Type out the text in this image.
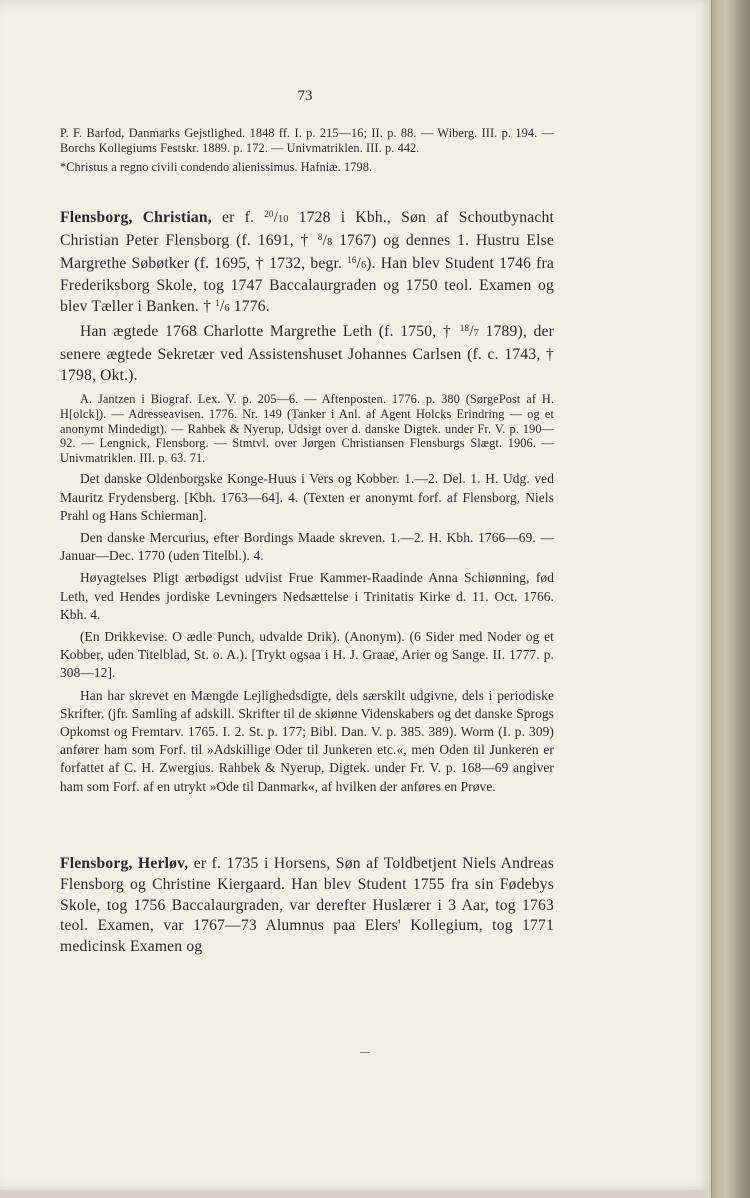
73

P. F. Barfod, Danmarks Gejstlighed. 1848 ff. I. p. 215—16; II. p. 88. — Wiberg. III. p. 194. — Borchs Kollegiums Festskr. 1889. p. 172. — Univmatriklen. III. p. 442.

*Christus a regno civili condendo alienissimus. Hafniæ. 1798.

Flensborg, Christian, er f. $^{20}$/10 1728 i Kbh., Søn af Schoutbynacht Christian Peter Flensborg (f. 1691, † $^8$/8 1767) og dennes 1. Hustru Else Margrethe Søbøtker (f. 1695, † 1732, begr. $^{16}$/6). Han blev Student 1746 fra Frederiksborg Skole, tog 1747 Baccalaurgraden og 1750 teol. Examen og blev Tæller i Banken. † $^1$/6 1776.

Han ægtede 1768 Charlotte Margrethe Leth (f. 1750, † $^{18}$/7 1789), der senere ægtede Sekretær ved Assistenshuset Johannes Carlsen (f. c. 1743, † 1798, Okt.).

A. Jantzen i Biograf. Lex. V. p. 205—6. — Aftenposten. 1776. p. 380 (SørgePost af H. H[olck]). — Adresseavisen. 1776. Nr. 149 (Tanker i Anl. af Agent Holcks Erindring — og et anonymt Mindedigt). — Rahbek & Nyerup, Udsigt over d. danske Digtek. under Fr. V. p. 190—92. — Lengnick, Flensborg. — Stmtvl. over Jørgen Christiansen Flensburgs Slægt. 1906. — Univmatriklen. III. p. 63. 71.

Det danske Oldenborgske Konge-Huus i Vers og Kobber. 1.—2. Del. 1. H. Udg. ved Mauritz Frydensberg. [Kbh. 1763—64]. 4. (Texten er anonymt forf. af Flensborg, Niels Prahl og Hans Schierman].

Den danske Mercurius, efter Bordings Maade skreven. 1.—2. H. Kbh. 1766—69. — Januar—Dec. 1770 (uden Titelbl.). 4.

Høyagtelses Pligt ærbødigst udviist Frue Kammer-Raadinde Anna Schiønning, fød Leth, ved Hendes jordiske Levningers Nedsættelse i Trinitatis Kirke d. 11. Oct. 1766. Kbh. 4.

(En Drikkevise. O ædle Punch, udvalde Drik). (Anonym). (6 Sider med Noder og et Kobber, uden Titelblad, St. o. A.). [Trykt ogsaa i H. J. Graae, Arier og Sange. II. 1777. p. 308—12].

Han har skrevet en Mængde Lejlighedsdigte, dels særskilt udgivne, dels i periodiske Skrifter. (jfr. Samling af adskill. Skrifter til de skiønne Videnskabers og det danske Sprogs Opkomst og Fremtarv. 1765. I. 2. St. p. 177; Bibl. Dan. V. p. 385. 389). Worm (I. p. 309) anfører ham som Forf. til »Adskillige Oder til Junkeren etc.«, men Oden til Junkeren er forfattet af C. H. Zwergius. Rahbek & Nyerup, Digtek. under Fr. V. p. 168—69 angiver ham som Forf. af en utrykt »Ode til Danmark«, af hvilken der anføres en Prøve.

Flensborg, Herløv, er f. 1735 i Horsens, Søn af Toldbetjent Niels Andreas Flensborg og Christine Kiergaard. Han blev Student 1755 fra sin Fødebys Skole, tog 1756 Baccalaurgraden, var derefter Huslærer i 3 Aar, tog 1763 teol. Examen, var 1767—73 Alumnus paa Elers' Kollegium, tog 1771 medicinsk Examen og
